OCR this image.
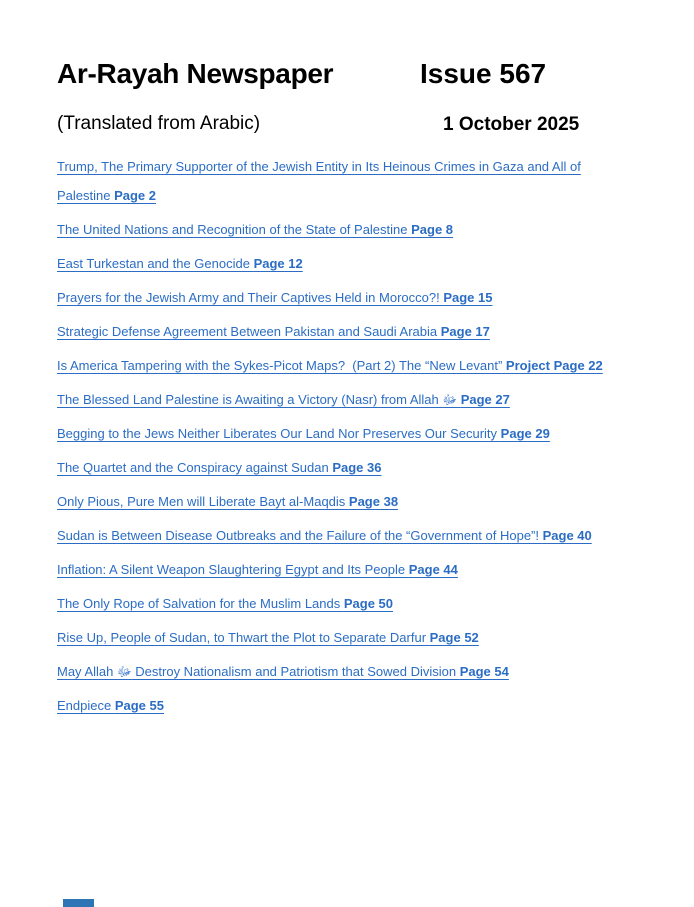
Ar-Rayah Newspaper	Issue 567
(Translated from Arabic)	1 October 2025

Trump, The Primary Supporter of the Jewish Entity in Its Heinous Crimes in Gaza and All of
Palestine Page 2

The United Nations and Recognition of the State of Palestine Page 8

East Turkestan and the Genocide Page 12

Prayers for the Jewish Army and Their Captives Held in Morocco?! Page 15

Strategic Defense Agreement Between Pakistan and Saudi Arabia Page 17

Is America Tampering with the Sykes-Picot Maps?  (Part 2) The “New Levant” Project Page 22

The Blessed Land Palestine is Awaiting a Victory (Nasr) from Allah ﷻ Page 27

Begging to the Jews Neither Liberates Our Land Nor Preserves Our Security Page 29

The Quartet and the Conspiracy against Sudan Page 36

Only Pious, Pure Men will Liberate Bayt al-Maqdis Page 38

Sudan is Between Disease Outbreaks and the Failure of the “Government of Hope”! Page 40

Inflation: A Silent Weapon Slaughtering Egypt and Its People Page 44

The Only Rope of Salvation for the Muslim Lands Page 50

Rise Up, People of Sudan, to Thwart the Plot to Separate Darfur Page 52

May Allah ﷻ Destroy Nationalism and Patriotism that Sowed Division Page 54

Endpiece Page 55
